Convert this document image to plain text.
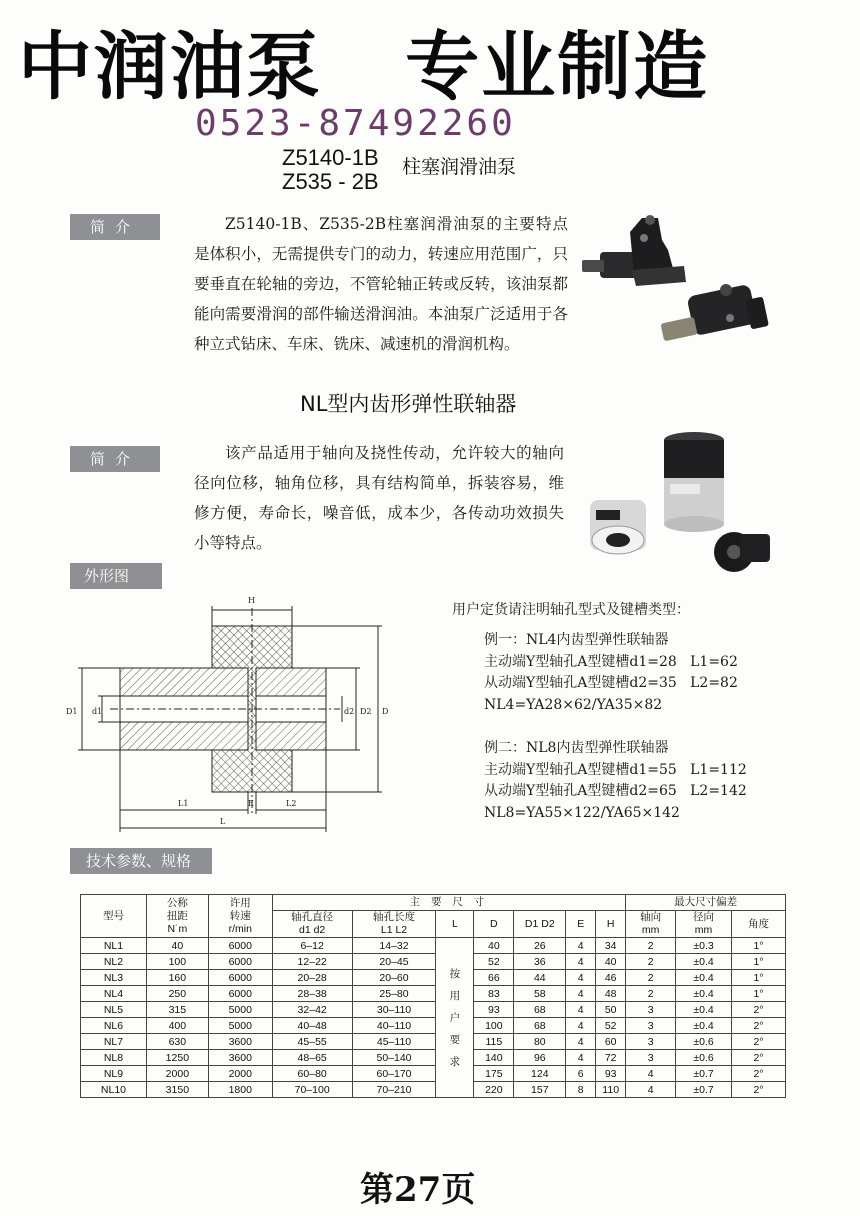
中润油泵   专业制造
0523-87492260
Z5140-1B
Z535 - 2B
柱塞润滑油泵
简介	Z5140-1B、Z535-2B柱塞润滑油泵的主要特点是体积小，无需提供专门的动力，转速应用范围广，只要垂直在轮轴的旁边，不管轮轴正转或反转，该油泵都能向需要滑润的部件输送滑润油。本油泵广泛适用于各种立式钻床、车床、铣床、减速机的滑润机构。
NL型内齿形弹性联轴器
简介	该产品适用于轴向及挠性传动，允许较大的轴向径向位移，轴角位移，具有结构简单，拆装容易，维修方便，寿命长，噪音低，成本少，各传动功效损失小等特点。
外形图
H
D
D2
d2
D1 d1
L1	E	L2
L
用户定货请注明轴孔型式及键槽类型：
例一：NL4内齿型弹性联轴器
主动端Y型轴孔A型键槽d1=28   L1=62
从动端Y型轴孔A型键槽d2=35   L2=82
NL4=YA28×62/YA35×82
例二：NL8内齿型弹性联轴器
主动端Y型轴孔A型键槽d1=55   L1=112
从动端Y型轴孔A型键槽d2=65   L2=142
NL8=YA55×122/YA65×142
技术参数、规格
型号	公称
扭距
N˙m	许用
转速
r/min	主 要 尺 寸							最大尺寸偏差		
			轴孔直径
d1 d2	轴孔长度
L1 L2	L	D	D1 D2	E	H	轴向
mm	径向
mm	角度
NL1	40	6000	6–12	14–32	按
用
户
要
求	40	26	4	34	2	±0.3	1°
NL2	100	6000	12–22	20–45		52	36	4	40	2	±0.4	1°
NL3	160	6000	20–28	20–60		66	44	4	46	2	±0.4	1°
NL4	250	6000	28–38	25–80		83	58	4	48	2	±0.4	1°
NL5	315	5000	32–42	30–110		93	68	4	50	3	±0.4	2°
NL6	400	5000	40–48	40–110		100	68	4	52	3	±0.4	2°
NL7	630	3600	45–55	45–110		115	80	4	60	3	±0.6	2°
NL8	1250	3600	48–65	50–140		140	96	4	72	3	±0.6	2°
NL9	2000	2000	60–80	60–170		175	124	6	93	4	±0.7	2°
NL10	3150	1800	70–100	70–210		220	157	8	110	4	±0.7	2°
第27页
